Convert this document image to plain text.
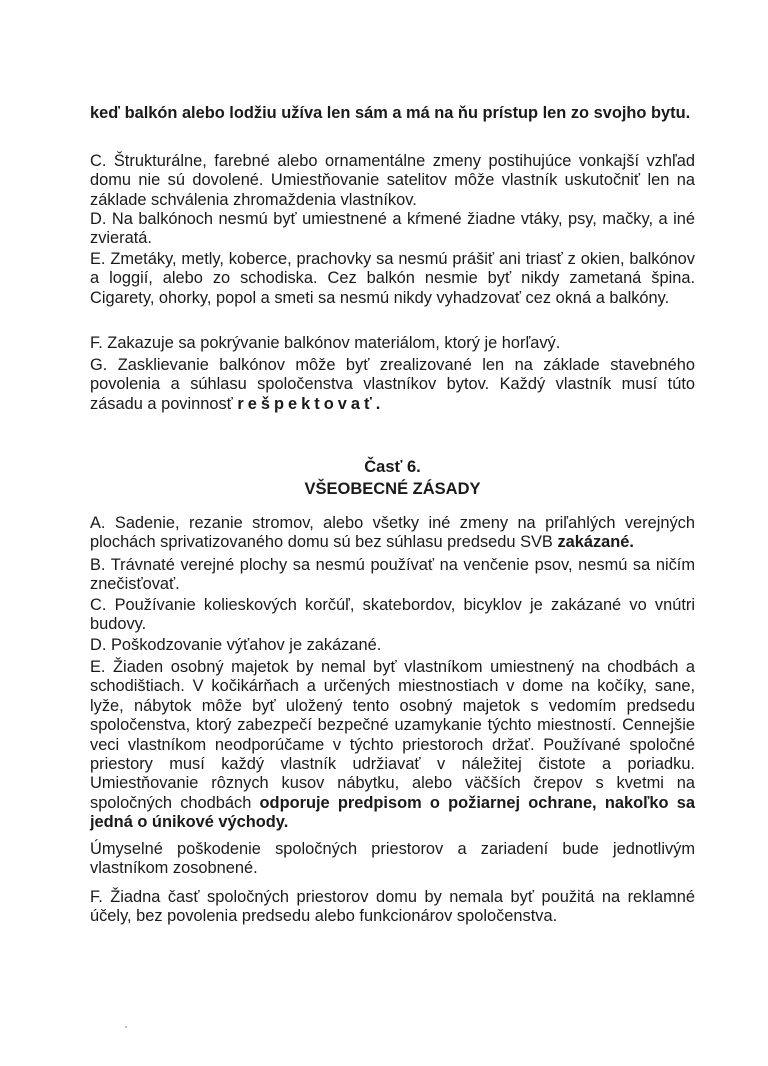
keď balkón alebo lodžiu užíva len sám a má na ňu prístup len zo svojho bytu.

C. Štrukturálne, farebné alebo ornamentálne zmeny postihujúce vonkajší vzhľad domu nie sú dovolené. Umiestňovanie satelitov môže vlastník uskutočniť len na základe schválenia zhromaždenia vlastníkov.

D. Na balkónoch nesmú byť umiestnené a kŕmené žiadne vtáky, psy, mačky, a iné zvieratá.

E. Zmetáky, metly, koberce, prachovky sa nesmú prášiť ani triasť z okien, balkónov a loggií, alebo zo schodiska. Cez balkón nesmie byť nikdy zametaná špina. Cigarety, ohorky, popol a smeti sa nesmú nikdy vyhadzovať cez okná a balkóny.

F. Zakazuje sa pokrývanie balkónov materiálom, ktorý je horľavý.

G. Zasklievanie balkónov môže byť zrealizované len na základe stavebného povolenia a súhlasu spoločenstva vlastníkov bytov. Každý vlastník musí túto zásadu a povinnosť rešpektovať.

Časť 6.
VŠEOBECNÉ ZÁSADY

A. Sadenie, rezanie stromov, alebo všetky iné zmeny na priľahlých verejných plochách sprivatizovaného domu sú bez súhlasu predsedu SVB zakázané.

B. Trávnaté verejné plochy sa nesmú používať na venčenie psov, nesmú sa ničím znečisťovať.

C. Používanie kolieskových korčúľ, skatebordov, bicyklov je zakázané vo vnútri budovy.

D. Poškodzovanie výťahov je zakázané.

E. Žiaden osobný majetok by nemal byť vlastníkom umiestnený na chodbách a schodištiach. V kočikárňach a určených miestnostiach v dome na kočíky, sane, lyže, nábytok môže byť uložený tento osobný majetok s vedomím predsedu spoločenstva, ktorý zabezpečí bezpečné uzamykanie týchto miestností. Cennejšie veci vlastníkom neodporúčame v týchto priestoroch držať. Používané spoločné priestory musí každý vlastník udržiavať v náležitej čistote a poriadku. Umiestňovanie rôznych kusov nábytku, alebo väčších črepov s kvetmi na spoločných chodbách odporuje predpisom o požiarnej ochrane, nakoľko sa jedná o únikové východy.

Úmyselné poškodenie spoločných priestorov a zariadení bude jednotlivým vlastníkom zosobnené.

F. Žiadna časť spoločných priestorov domu by nemala byť použitá na reklamné účely, bez povolenia predsedu alebo funkcionárov spoločenstva.
